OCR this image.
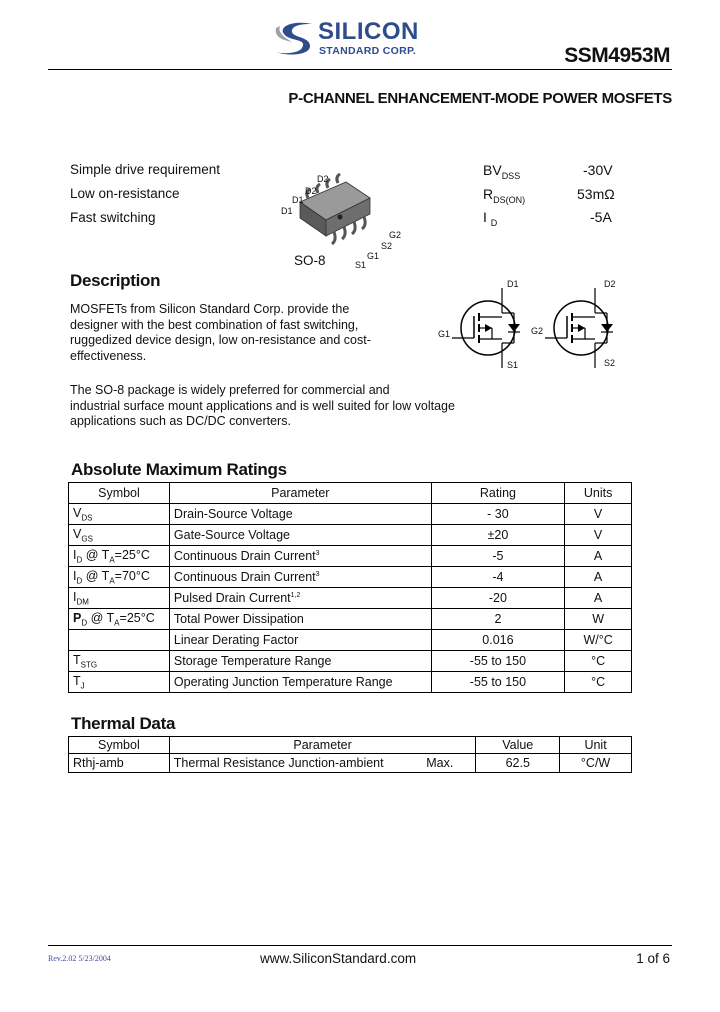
SILICON
STANDARD CORP.	SSM4953M
P-CHANNEL ENHANCEMENT-MODE POWER MOSFETS
Simple drive requirement
Low on-resistance
Fast switching
D2
D2
D1
D1
G2
S2
G1
S1
SO-8
$BV_{DSS}$	-30V
$R_{DS(ON)}$	53mΩ
I $_D$	-5A
Description
MOSFETs from Silicon Standard Corp. provide the
designer with the best combination of fast switching,
ruggedized device design, low on-resistance and cost-
effectiveness.
The SO-8 package is widely preferred for commercial and
industrial surface mount applications and is well suited for low voltage
applications such as DC/DC converters.
D1
G1
S1
D2
G2
S2
Absolute Maximum Ratings
Symbol	Parameter	Rating	Units
$V_{DS}$	Drain-Source Voltage	- 30	V
$V_{GS}$	Gate-Source Voltage	±20	V
$I_D$ @ $T_A=25^\circ C$	Continuous Drain Current$^3$	-5	A
$I_D$ @ $T_A=70^\circ C$	Continuous Drain Current$^3$	-4	A
$I_{DM}$	Pulsed Drain Current$^{1,2}$	-20	A
$P_D$ @ $T_A=25^\circ C$	Total Power Dissipation	2	W
	Linear Derating Factor	0.016	W/°C
$T_{STG}$	Storage Temperature Range	-55 to 150	°C
$T_J$	Operating Junction Temperature Range	-55 to 150	°C
Thermal Data
Symbol	Parameter	Value	Unit
Rthj-amb	Thermal Resistance Junction-ambient Max.	62.5	°C/W
Rev.2.02 5/23/2004	www.SiliconStandard.com	1 of 6
